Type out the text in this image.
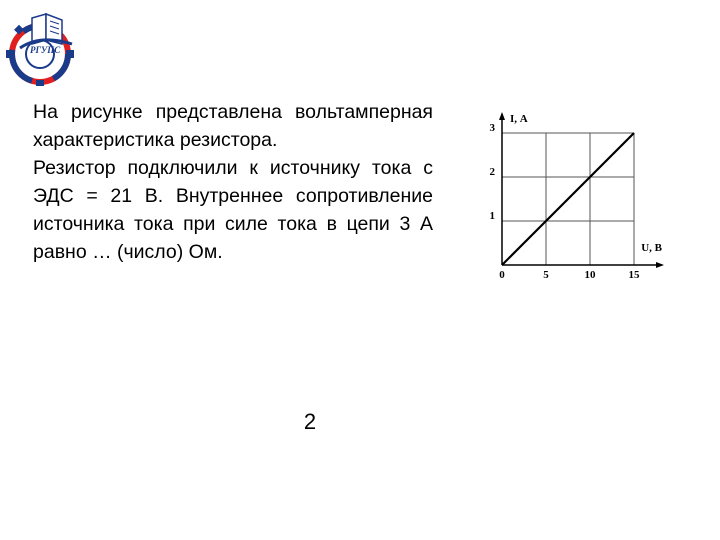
РГУПС

На рисунке представлена вольтамперная характеристика резистора.

Резистор подключили к источнику тока с ЭДС = 21 В. Внутреннее сопротивление источника тока при силе тока в цепи 3 А равно … (число) Ом.

2
0	5	10	15
1
2
3
I, А
U, В
